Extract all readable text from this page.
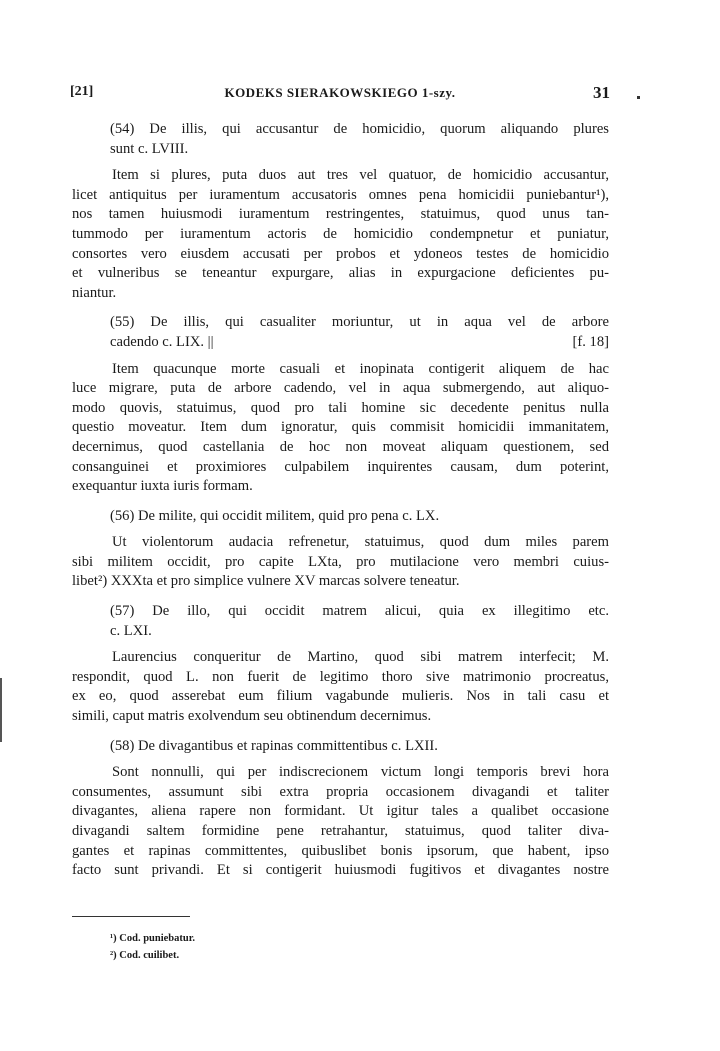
[21]	KODEKS SIERAKOWSKIEGO 1-szy.	31
(54) De illis, qui accusantur de homicidio, quorum aliquando plures
sunt c. LVIII.
Item si plures, puta duos aut tres vel quatuor, de homicidio accusantur,
licet antiquitus per iuramentum accusatoris omnes pena homicidii puniebantur¹),
nos tamen huiusmodi iuramentum restringentes, statuimus, quod unus tan-
tummodo per iuramentum actoris de homicidio condempnetur et puniatur,
consortes vero eiusdem accusati per probos et ydoneos testes de homicidio
et vulneribus se teneantur expurgare, alias in expurgacione deficientes pu-
niantur.
(55) De illis, qui casualiter moriuntur, ut in aqua vel de arbore
cadendo c. LIX. ||	[f. 18]
Item quacunque morte casuali et inopinata contigerit aliquem de hac
luce migrare, puta de arbore cadendo, vel in aqua submergendo, aut aliquo-
modo quovis, statuimus, quod pro tali homine sic decedente penitus nulla
questio moveatur. Item dum ignoratur, quis commisit homicidii immanitatem,
decernimus, quod castellania de hoc non moveat aliquam questionem, sed
consanguinei et proximiores culpabilem inquirentes causam, dum poterint,
exequantur iuxta iuris formam.
(56) De milite, qui occidit militem, quid pro pena c. LX.
Ut violentorum audacia refrenetur, statuimus, quod dum miles parem
sibi militem occidit, pro capite LXta, pro mutilacione vero membri cuius-
libet²) XXXta et pro simplice vulnere XV marcas solvere teneatur.
(57) De illo, qui occidit matrem alicui, quia ex illegitimo etc.
c. LXI.
Laurencius conqueritur de Martino, quod sibi matrem interfecit; M.
respondit, quod L. non fuerit de legitimo thoro sive matrimonio procreatus,
ex eo, quod asserebat eum filium vagabunde mulieris. Nos in tali casu et
simili, caput matris exolvendum seu obtinendum decernimus.
(58) De divagantibus et rapinas committentibus c. LXII.
Sont nonnulli, qui per indiscrecionem victum longi temporis brevi hora
consumentes, assumunt sibi extra propria occasionem divagandi et taliter
divagantes, aliena rapere non formidant. Ut igitur tales a qualibet occasione
divagandi saltem formidine pene retrahantur, statuimus, quod taliter diva-
gantes et rapinas committentes, quibuslibet bonis ipsorum, que habent, ipso
facto sunt privandi. Et si contigerit huiusmodi fugitivos et divagantes nostre
¹) Cod. puniebatur.
²) Cod. cuilibet.
